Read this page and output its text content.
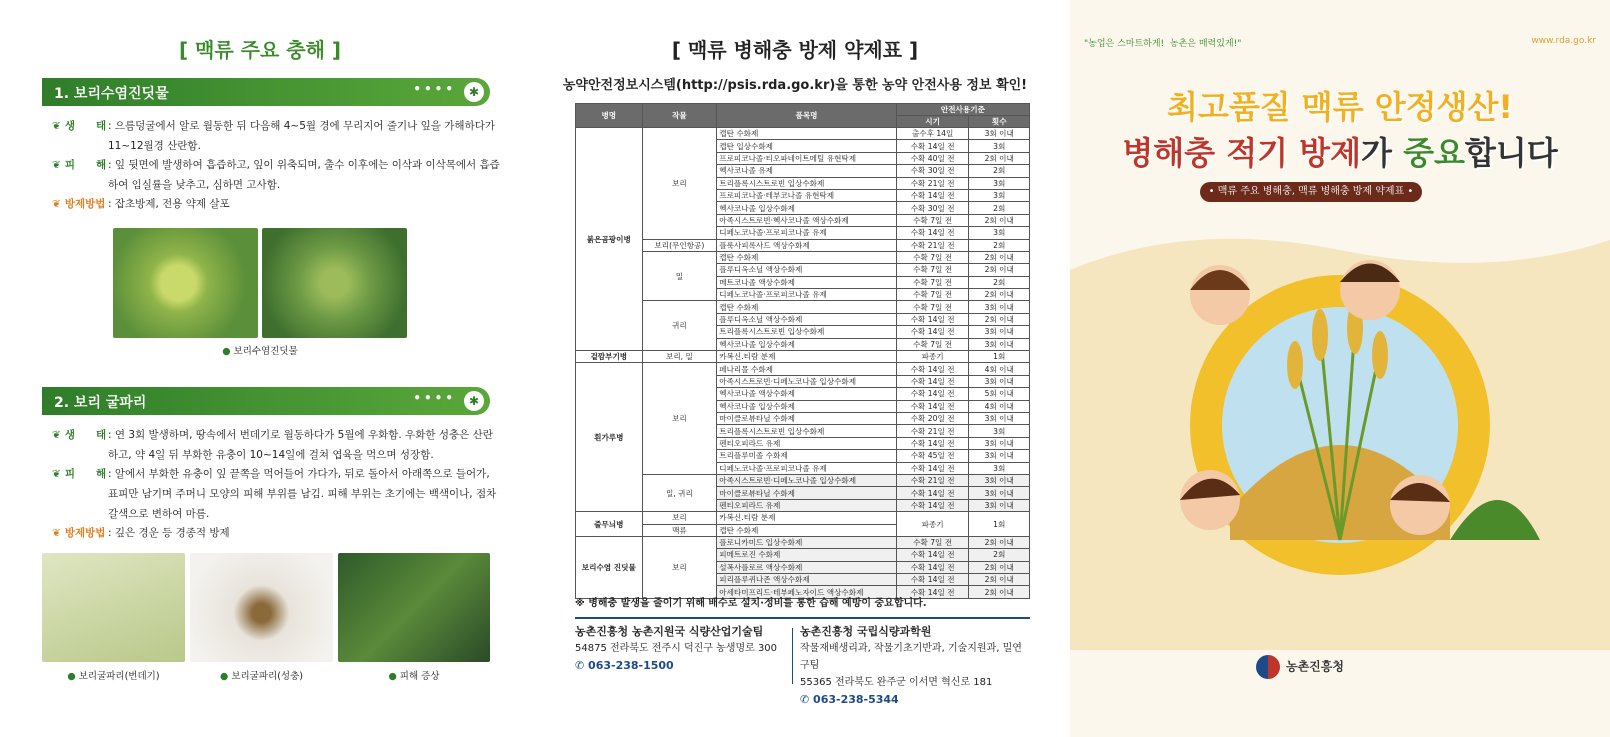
[ 맥류 주요 충해 ]
1. 보리수염진딧물	••••	✱
❦ 생　　태 : 으름덩굴에서 알로 월동한 뒤 다음해 4~5월 경에 무리지어 줄기나 잎을 가해하다가 11~12월경 산란함.
❦ 피　　해 : 잎 뒷면에 발생하여 흡즙하고, 잎이 위축되며, 출수 이후에는 이삭과 이삭목에서 흡즙하여 임실률을 낮추고, 심하면 고사함.
❦ 방제방법 : 잡초방제, 전용 약제 살포
● 보리수염진딧물
2. 보리 굴파리	••••	✱
❦ 생　　태 : 연 3회 발생하며, 땅속에서 번데기로 월동하다가 5월에 우화함. 우화한 성충은 산란하고, 약 4일 뒤 부화한 유충이 10~14일에 걸쳐 엽육을 먹으며 성장함.
❦ 피　　해 : 알에서 부화한 유충이 잎 끝쪽을 먹어들어 가다가, 뒤로 돌아서 아래쪽으로 들어가, 표피만 남기며 주머니 모양의 피해 부위를 남김. 피해 부위는 초기에는 백색이나, 점차 갈색으로 변하여 마름.
❦ 방제방법 : 깊은 경운 등 경종적 방제
● 보리굴파리(번데기)	● 보리굴파리(성충)	● 피해 증상
[ 맥류 병해충 방제 약제표 ]
농약안전정보시스템(http://psis.rda.go.kr)을 통한 농약 안전사용 정보 확인!
병명	작물	품목명	안전사용기준	
			시기	횟수
붉은곰팡이병	보리	캡탄 수화제	출수후 14일	3회 이내
		캡탄 입상수화제	수확 14일 전	3회
		프로피코나졸·티오파네이트메틸 유현탁제	수확 40일 전	2회 이내
		헥사코나졸 유제	수확 30일 전	2회
		트리플록시스트로빈 입상수화제	수확 21일 전	3회
		프로피코나졸·테부코나졸 유현탁제	수확 14일 전	3회
		헥사코나졸 입상수화제	수확 30일 전	2회
		아족시스트로빈·헥사코나졸 액상수화제	수확 7일 전	2회 이내
		디페노코나졸·프로피코나졸 유제	수확 14일 전	3회
	보리(무인항공)	플룩사피록사드 액상수화제	수확 21일 전	2회
	밀	캡탄 수화제	수확 7일 전	2회 이내
		플루디옥소닐 액상수화제	수확 7일 전	2회 이내
		메트코나졸 액상수화제	수확 7일 전	2회
		디페노코나졸·프로피코나졸 유제	수확 7일 전	2회 이내
	귀리	캡탄 수화제	수확 7일 전	3회 이내
		플루디옥소닐 액상수화제	수확 14일 전	2회 이내
		트리플록시스트로빈 입상수화제	수확 14일 전	3회 이내
		헥사코나졸 입상수화제	수확 7일 전	3회 이내
겉깜부기병	보리, 밀	카복신.티람 분제	파종기	1회
흰가루병	보리	페나리몰 수화제	수확 14일 전	4회 이내
		아족시스트로빈·디페노코나졸 입상수화제	수확 14일 전	3회 이내
		헥사코나졸 액상수화제	수확 14일 전	5회 이내
		헥사코나졸 입상수화제	수확 14일 전	4회 이내
		마이클로뷰타닐 수화제	수확 20일 전	3회 이내
		트리플록시스트로빈 입상수화제	수확 21일 전	3회
		펜티오피라드 유제	수확 14일 전	3회 이내
		트리플루미졸 수화제	수확 45일 전	3회 이내
		디페노코나졸·프로피코나졸 유제	수확 14일 전	3회
	밀, 귀리	아족시스트로빈·디페노코나졸 입상수화제	수확 21일 전	3회 이내
		마이클로뷰타닐 수화제	수확 14일 전	3회 이내
		펜티오피라드 유제	수확 14일 전	3회 이내
줄무늬병	보리	카복신.티람 분제	파종기	1회
	맥류	캡탄 수화제		
보리수염 진딧물	보리	플로니카미드 입상수화제	수확 7일 전	2회 이내
		피메트로진 수화제	수확 14일 전	2회
		설폭사플로르 액상수화제	수확 14일 전	2회 이내
		피리플루퀴나존 액상수화제	수확 14일 전	2회 이내
		아세타미프리드·테부페노자이드 액상수화제	수확 14일 전	2회 이내
※ 병해충 발생을 줄이기 위해 배수로 설치·정비를 통한 습해 예방이 중요합니다.
농촌진흥청 농촌지원국 식량산업기술팀
54875 전라북도 전주시 덕진구 농생명로 300
✆ 063-238-1500
농촌진흥청 국립식량과학원
작물재배생리과, 작물기초기반과, 기술지원과, 밀연구팀
55365 전라북도 완주군 이서면 혁신로 181
✆ 063-238-5344
"농업은 스마트하게! 농촌은 매력있게!"	www.rda.go.kr
최고품질 맥류 안정생산!
병해충 적기 방제가 중요합니다
• 맥류 주요 병해충, 맥류 병해충 방제 약제표 •
농촌진흥청
